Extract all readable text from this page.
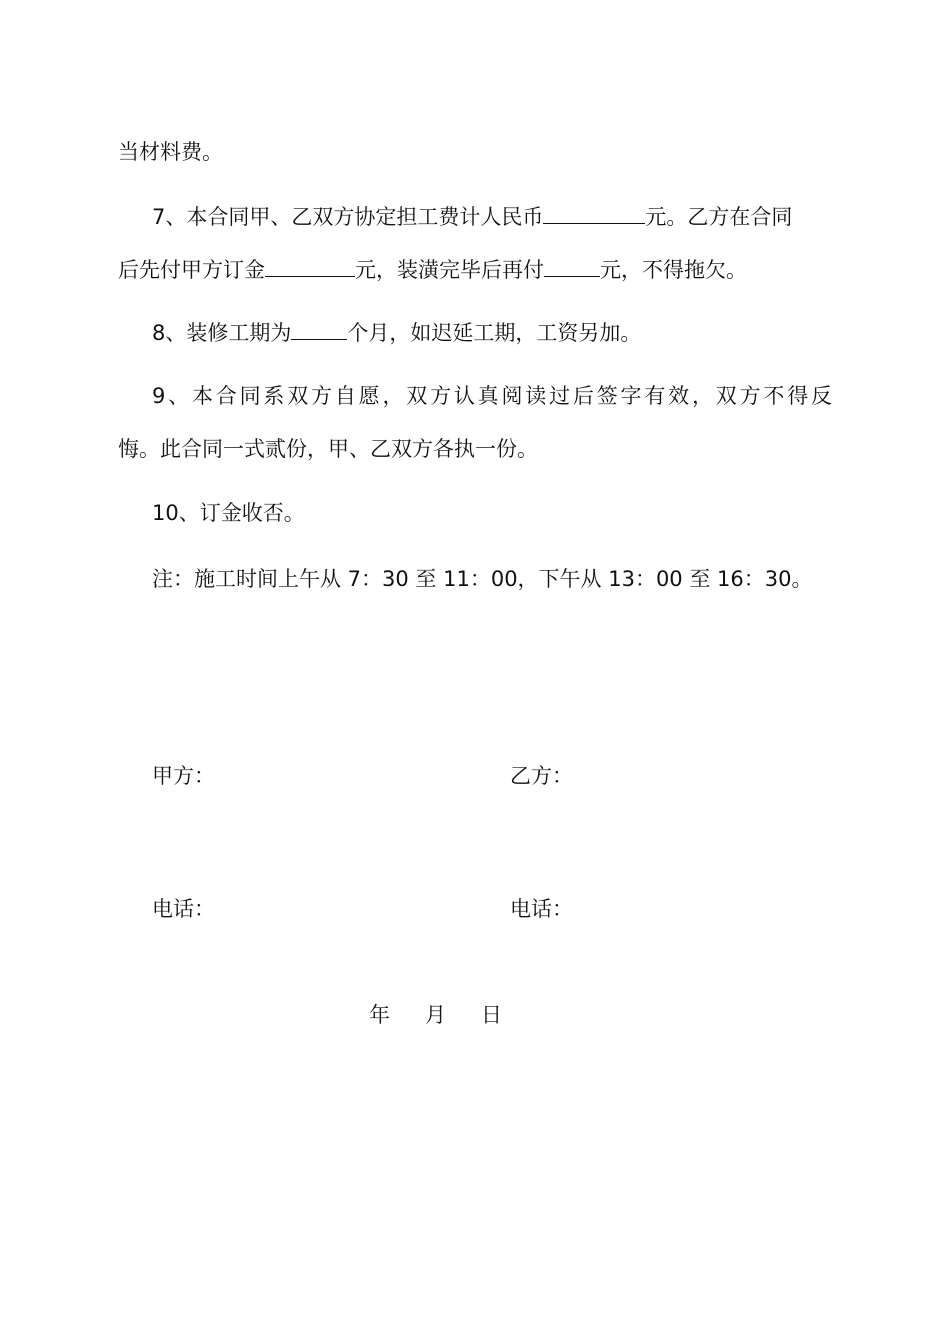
当材料费。
7、本合同甲、乙双方协定担工费计人民币	元。乙方在合同
后先付甲方订金	元，装潢完毕后再付	元，不得拖欠。
8、装修工期为	个月，如迟延工期，工资另加。
9、本合同系双方自愿，双方认真阅读过后签字有效，双方不得反
悔。此合同一式贰份，甲、乙双方各执一份。
10、订金收否。
注：施工时间上午从 7：30 至 11：00，下午从 13：00 至 16：30。
甲方：	乙方：
电话：	电话：
年 月 日
